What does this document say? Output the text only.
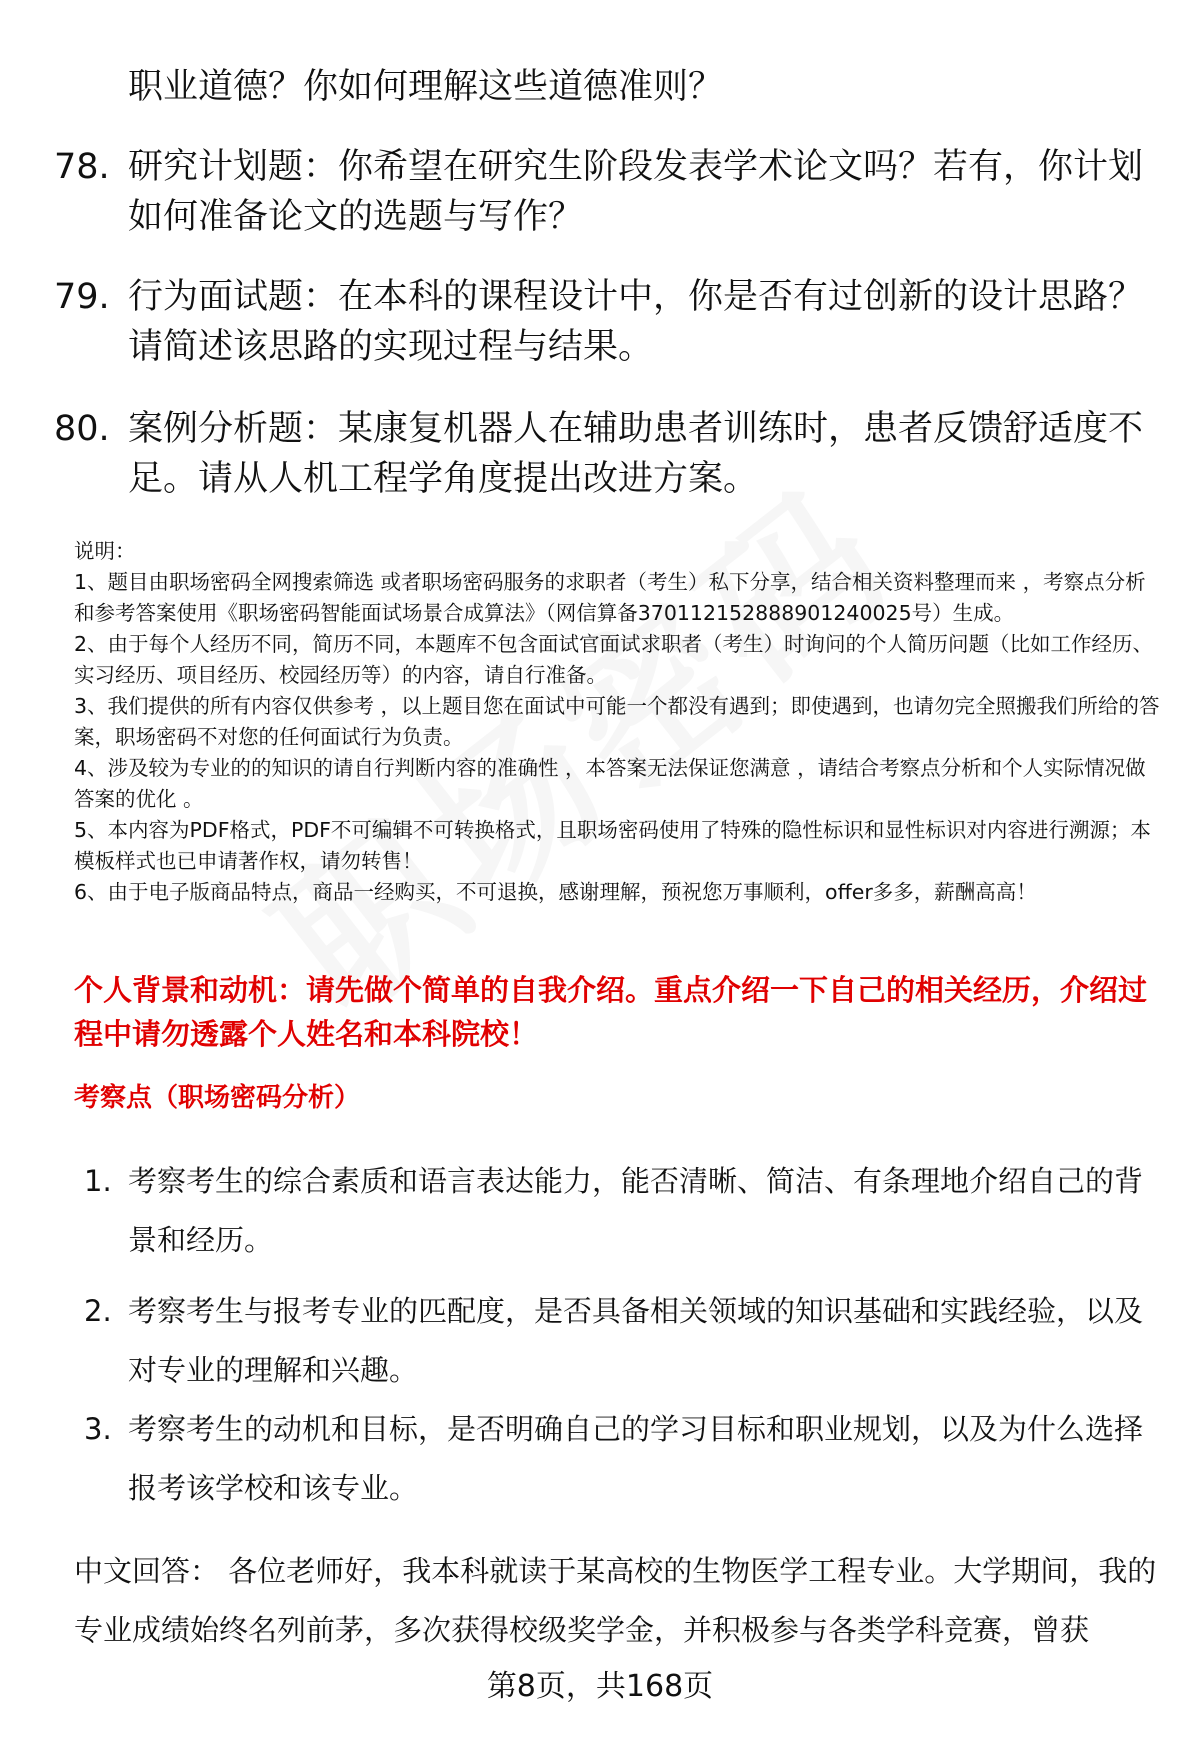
职业道德？你如何理解这些道德准则？
78. 研究计划题：你希望在研究生阶段发表学术论文吗？若有，你计划如何准备论文的选题与写作？
79. 行为面试题：在本科的课程设计中，你是否有过创新的设计思路？请简述该思路的实现过程与结果。
80. 案例分析题：某康复机器人在辅助患者训练时，患者反馈舒适度不足。请从人机工程学角度提出改进方案。

说明：

1、题目由职场密码全网搜索筛选 或者职场密码服务的求职者（考生）私下分享，结合相关资料整理而来 ，考察点分析和参考答案使用《职场密码智能面试场景合成算法》（网信算备370112152888901240025号）生成。

2、由于每个人经历不同，简历不同，本题库不包含面试官面试求职者（考生）时询问的个人简历问题（比如工作经历、实习经历、项目经历、校园经历等）的内容，请自行准备。

3、我们提供的所有内容仅供参考 ，以上题目您在面试中可能一个都没有遇到；即使遇到，也请勿完全照搬我们所给的答案，职场密码不对您的任何面试行为负责。

4、涉及较为专业的的知识的请自行判断内容的准确性 ，本答案无法保证您满意 ，请结合考察点分析和个人实际情况做答案的优化 。

5、本内容为PDF格式，PDF不可编辑不可转换格式，且职场密码使用了特殊的隐性标识和显性标识对内容进行溯源；本模板样式也已申请著作权，请勿转售！

6、由于电子版商品特点，商品一经购买，不可退换，感谢理解，预祝您万事顺利，offer多多，薪酬高高！

个人背景和动机：请先做个简单的自我介绍。重点介绍一下自己的相关经历，介绍过程中请勿透露个人姓名和本科院校！
考察点（职场密码分析）
1. 考察考生的综合素质和语言表达能力，能否清晰、简洁、有条理地介绍自己的背景和经历。
2. 考察考生与报考专业的匹配度，是否具备相关领域的知识基础和实践经验，以及对专业的理解和兴趣。
3. 考察考生的动机和目标，是否明确自己的学习目标和职业规划，以及为什么选择报考该学校和该专业。
中文回答： 各位老师好，我本科就读于某高校的生物医学工程专业。大学期间，我的专业成绩始终名列前茅，多次获得校级奖学金，并积极参与各类学科竞赛，曾获
第8页，共168页
